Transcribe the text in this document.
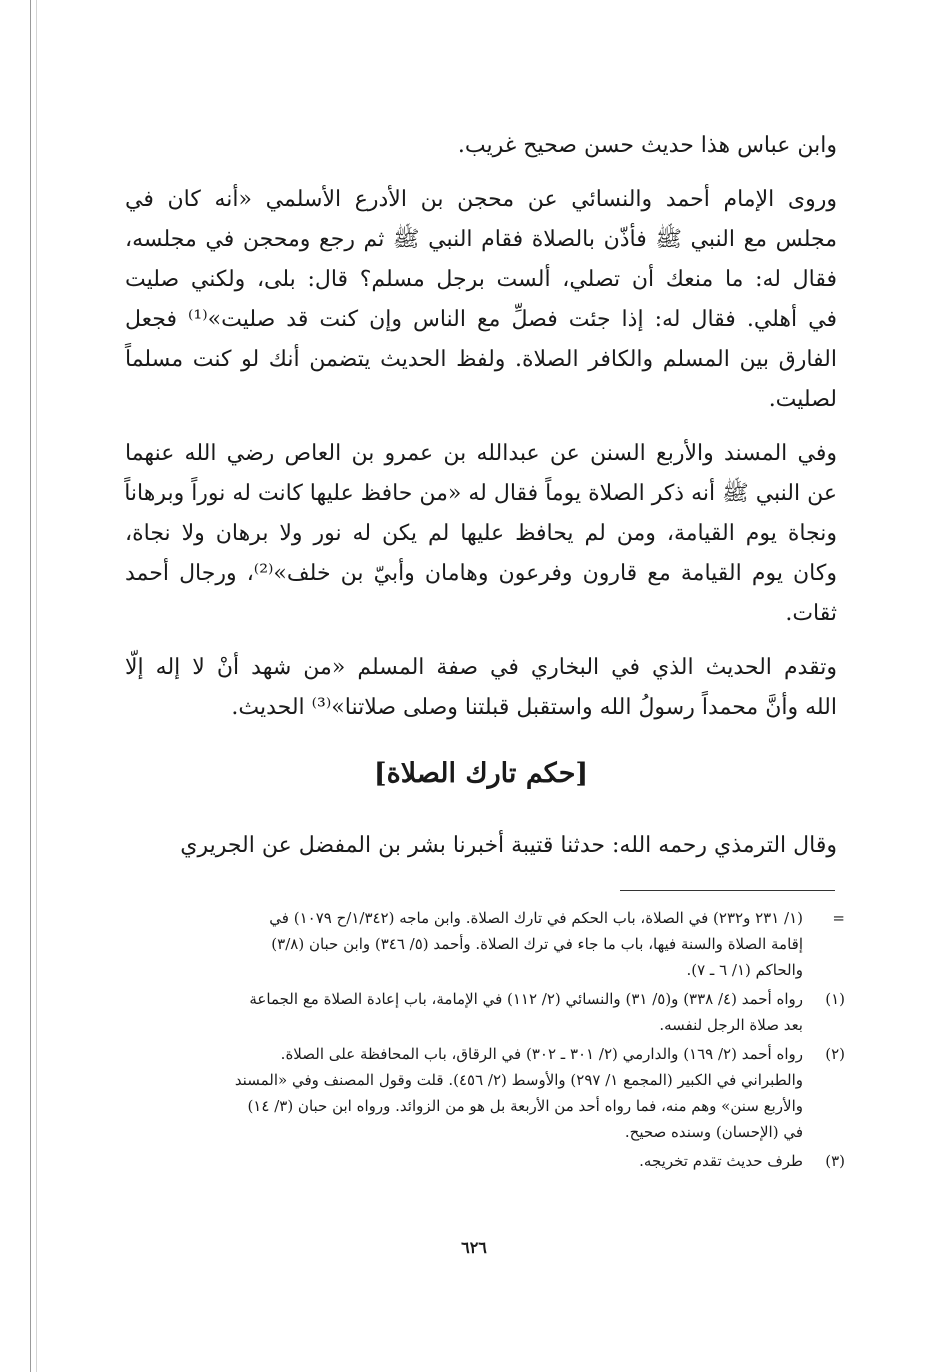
وابن عباس هذا حديث حسن صحيح غريب.

وروى الإمام أحمد والنسائي عن محجن بن الأدرع الأسلمي «أنه كان في
مجلس مع النبي ﷺ فأذّن بالصلاة فقام النبي ﷺ ثم رجع ومحجن في مجلسه،
فقال له: ما منعك أن تصلي، ألست برجل مسلم؟ قال: بلى، ولكني صليت
في أهلي. فقال له: إذا جئت فصلِّ مع الناس وإن كنت قد صليت»⁽¹⁾ فجعل
الفارق بين المسلم والكافر الصلاة. ولفظ الحديث يتضمن أنك لو كنت مسلماً
لصليت.

وفي المسند والأربع السنن عن عبدالله بن عمرو بن العاص رضي الله عنهما
عن النبي ﷺ أنه ذكر الصلاة يوماً فقال له «من حافظ عليها كانت له نوراً وبرهاناً
ونجاة يوم القيامة، ومن لم يحافظ عليها لم يكن له نور ولا برهان ولا نجاة،
وكان يوم القيامة مع قارون وفرعون وهامان وأبيّ بن خلف»⁽²⁾، ورجال أحمد
ثقات.

وتقدم الحديث الذي في البخاري في صفة المسلم «من شهد أنْ لا إله إلّا
الله وأنَّ محمداً رسولُ الله واستقبل قبلتنا وصلى صلاتنا»⁽³⁾ الحديث.

[حكم تارك الصلاة]
وقال الترمذي رحمه الله: حدثنا قتيبة أخبرنا بشر بن المفضل عن الجريري
=
(١/ ٢٣١ و٢٣٢) في الصلاة، باب الحكم في تارك الصلاة. وابن ماجه (١/٣٤٢/ح ١٠٧٩) في
إقامة الصلاة والسنة فيها، باب ما جاء في ترك الصلاة. وأحمد (٥/ ٣٤٦) وابن حبان (٣/٨)
والحاكم (١/ ٦ ـ ٧).
(١)
رواه أحمد (٤/ ٣٣٨) و(٥/ ٣١) والنسائي (٢/ ١١٢) في الإمامة، باب إعادة الصلاة مع الجماعة
بعد صلاة الرجل لنفسه.
(٢)
رواه أحمد (٢/ ١٦٩) والدارمي (٢/ ٣٠١ ـ ٣٠٢) في الرقاق، باب المحافظة على الصلاة.
والطبراني في الكبير (المجمع ١/ ٢٩٧) والأوسط (٢/ ٤٥٦). قلت وقول المصنف وفي «المسند
والأربع سنن» وهم منه، فما رواه أحد من الأربعة بل هو من الزوائد. ورواه ابن حبان (٣/ ١٤)
في (الإحسان) وسنده صحيح.
(٣)
طرف حديث تقدم تخريجه.
٦٢٦
